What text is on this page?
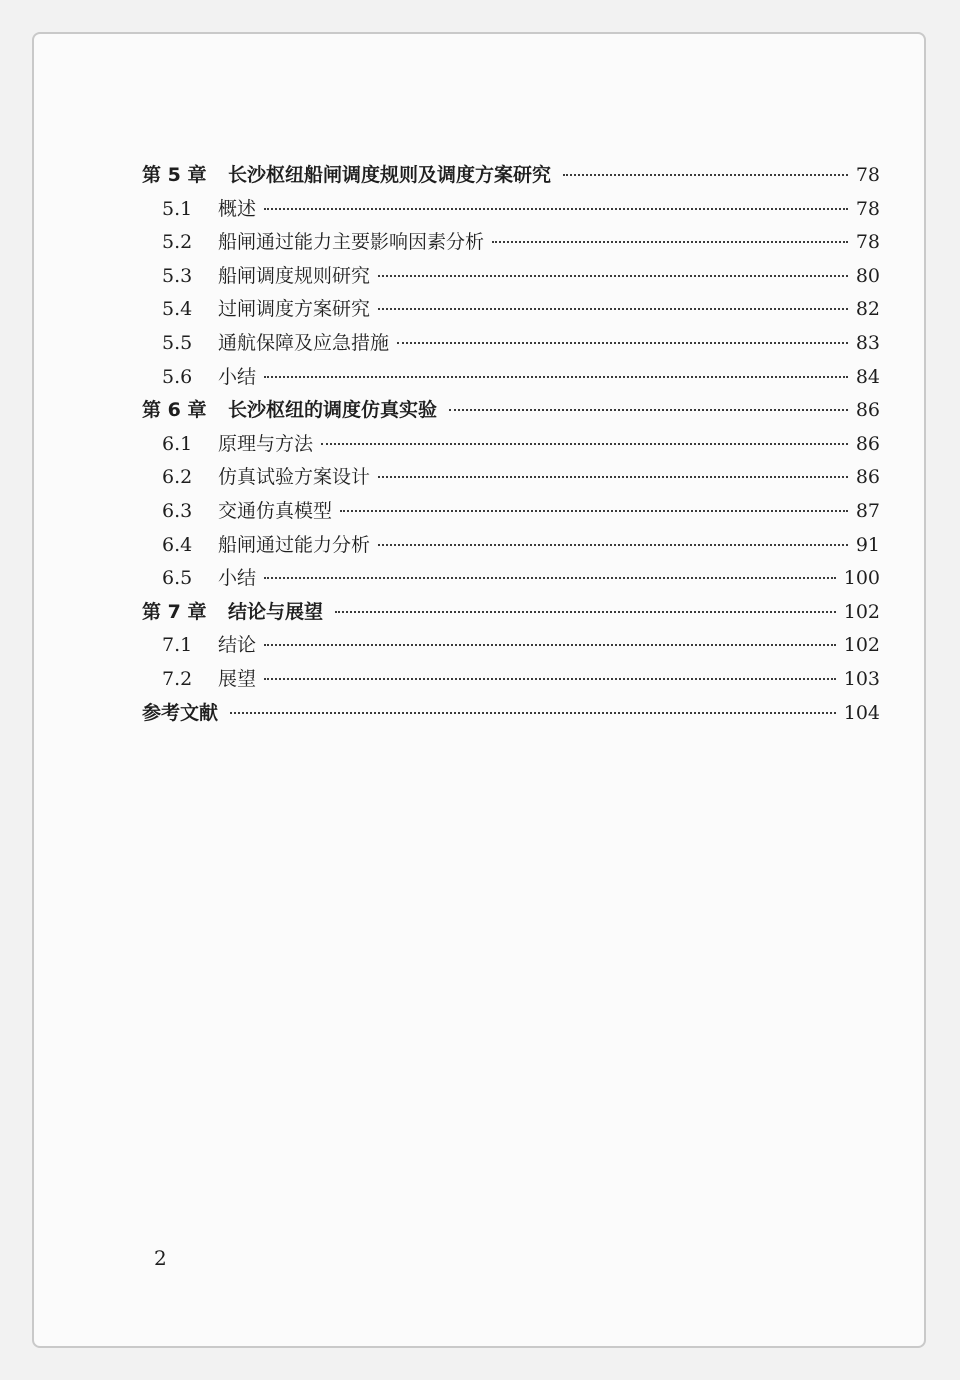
第 5 章	长沙枢纽船闸调度规则及调度方案研究	78
5.1	概述	78
5.2	船闸通过能力主要影响因素分析	78
5.3	船闸调度规则研究	80
5.4	过闸调度方案研究	82
5.5	通航保障及应急措施	83
5.6	小结	84
第 6 章	长沙枢纽的调度仿真实验	86
6.1	原理与方法	86
6.2	仿真试验方案设计	86
6.3	交通仿真模型	87
6.4	船闸通过能力分析	91
6.5	小结	100
第 7 章	结论与展望	102
7.1	结论	102
7.2	展望	103
参考文献	104
2
